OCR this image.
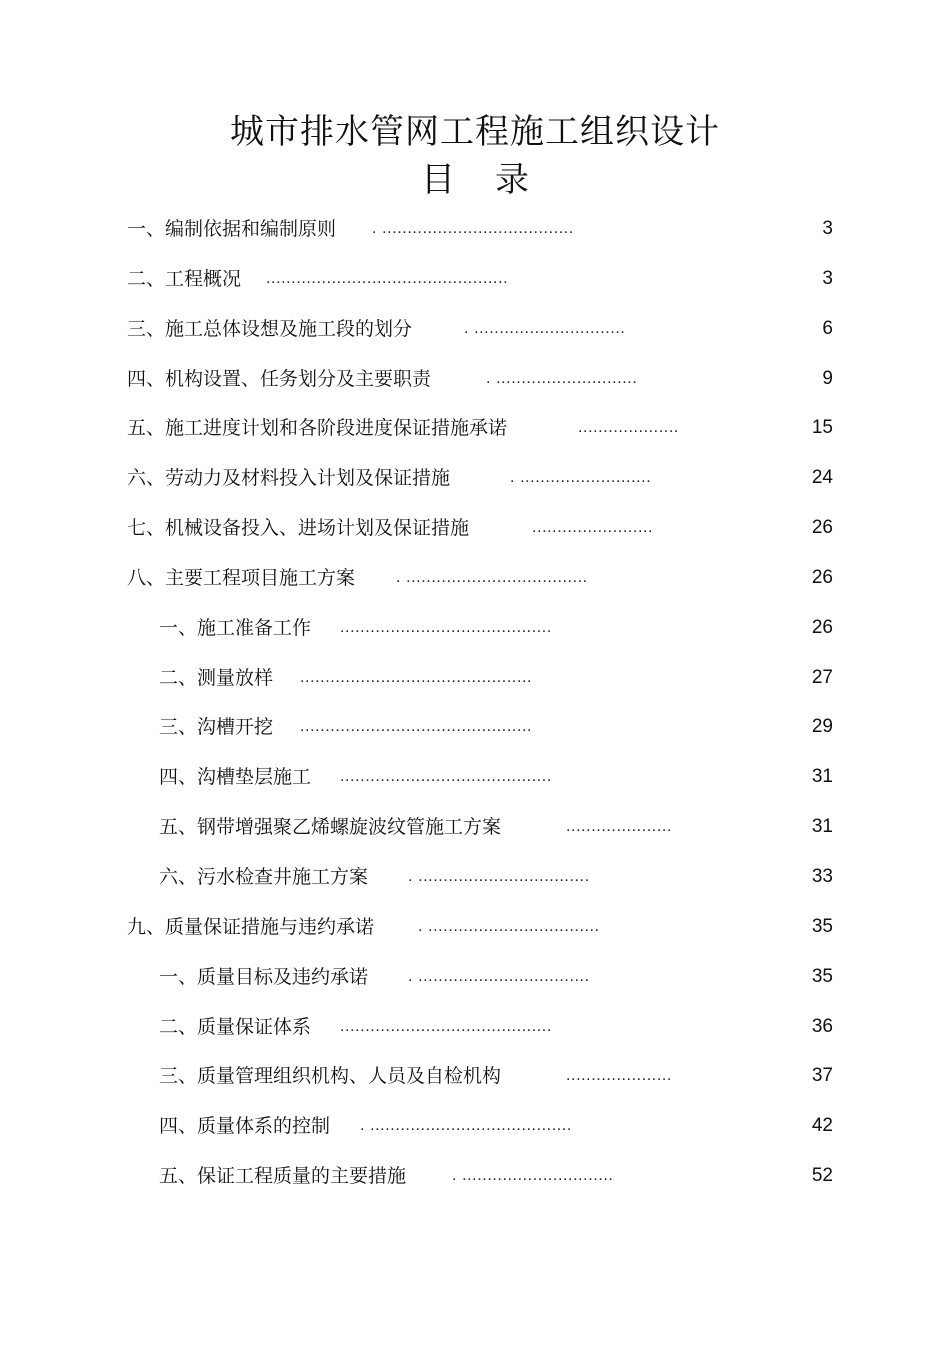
城市排水管网工程施工组织设计
目 录
一、编制依据和编制原则 . ......................................	3
二、工程概况 ................................................	3
三、施工总体设想及施工段的划分	. ..............................	6
四、机构设置、任务划分及主要职责	. ............................	9
五、施工进度计划和各阶段进度保证措施承诺	....................	15
六、劳动力及材料投入计划及保证措施	. ..........................	24
七、机械设备投入、进场计划及保证措施	........................	26
八、主要工程项目施工方案	. ....................................	26
一、施工准备工作 ..........................................	26
二、测量放样 ..............................................	27
三、沟槽开挖 ..............................................	29
四、沟槽垫层施工 ..........................................	31
五、钢带增强聚乙烯螺旋波纹管施工方案	.....................	31
六、污水检查井施工方案 . ..................................	33
九、质量保证措施与违约承诺	. ..................................	35
一、质量目标及违约承诺 . ..................................	35
二、质量保证体系 ..........................................	36
三、质量管理组织机构、人员及自检机构	.....................	37
四、质量体系的控制 . ........................................	42
五、保证工程质量的主要措施	. ..............................	52
